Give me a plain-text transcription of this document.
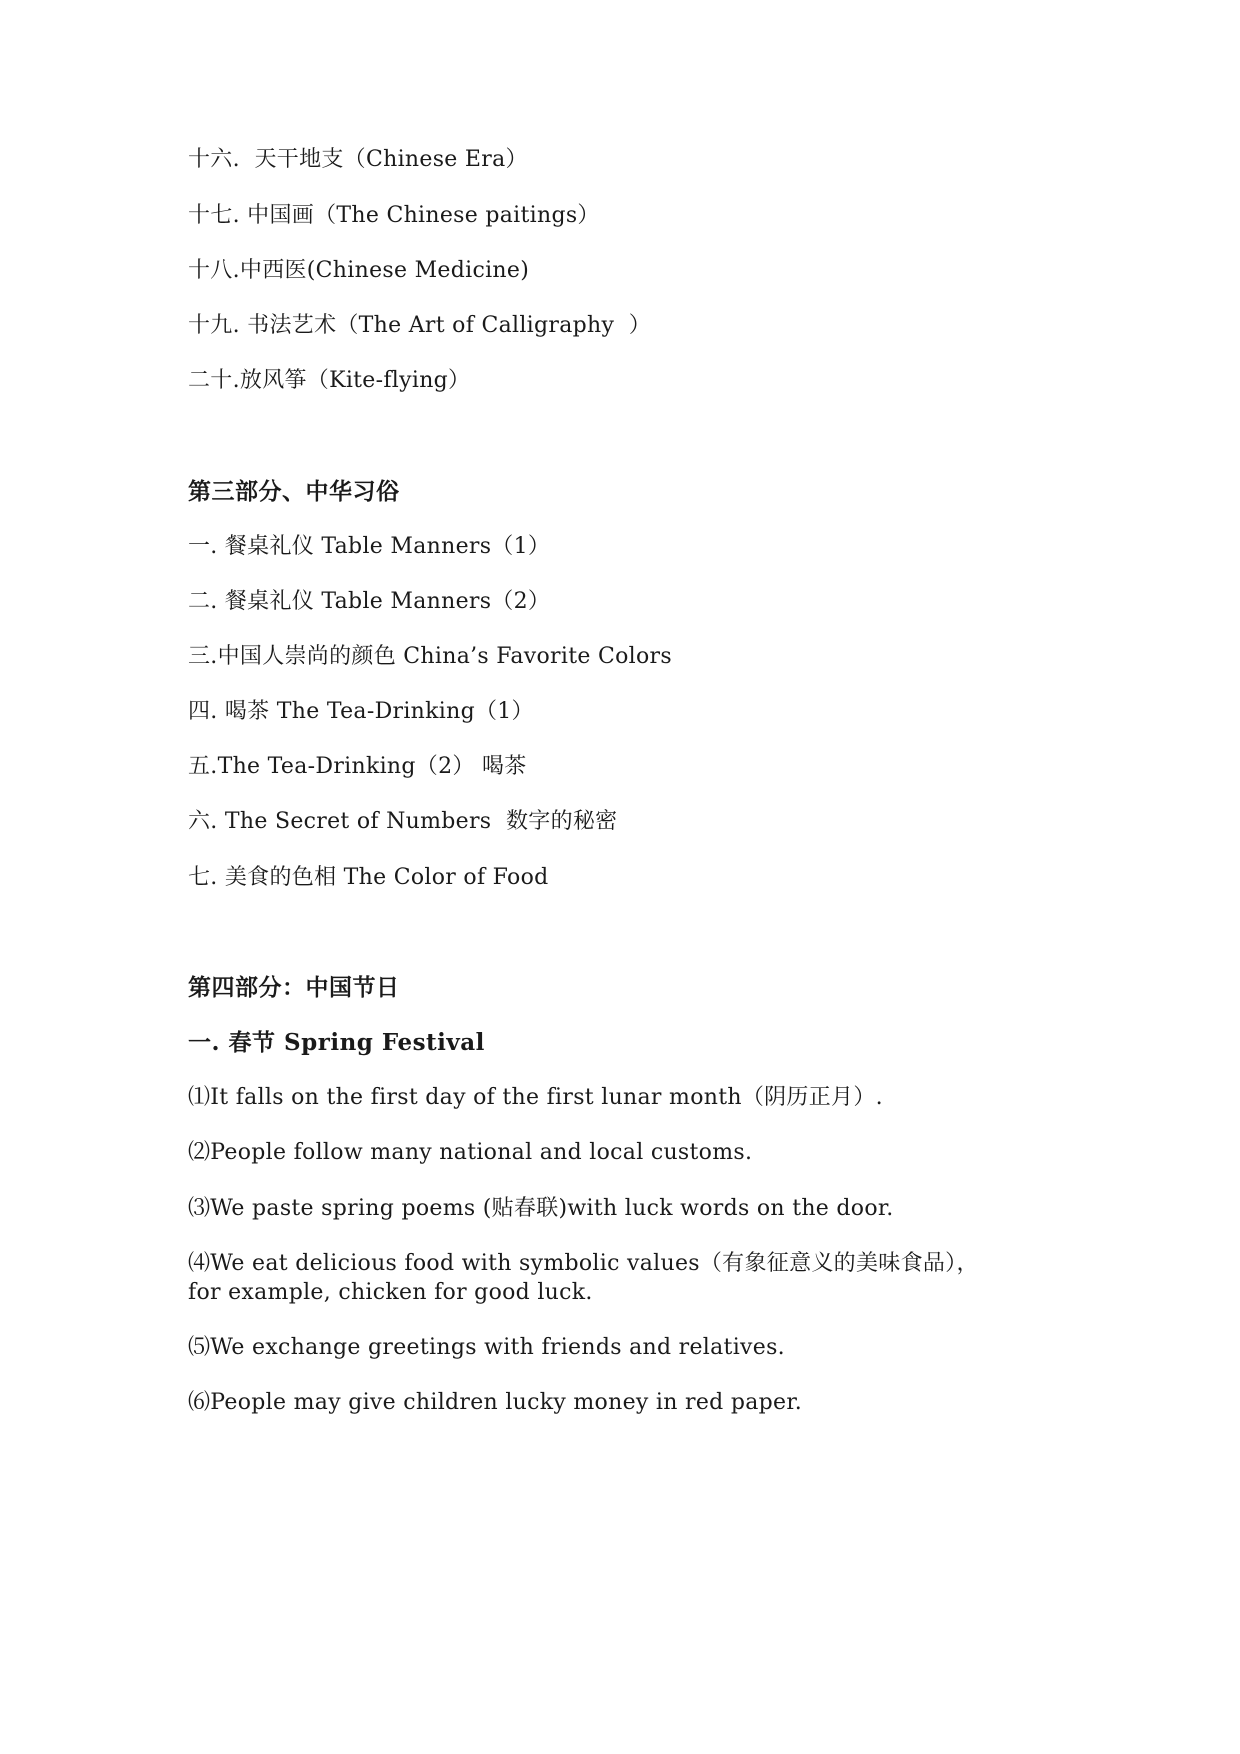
十六.  天干地支（Chinese Era）
十七. 中国画（The Chinese paitings）
十八.中西医(Chinese Medicine)
十九. 书法艺术（The Art of Calligraphy  ）
二十.放风筝（Kite-flying）
第三部分、中华习俗
一. 餐桌礼仪 Table Manners（1）
二. 餐桌礼仪 Table Manners（2）
三.中国人崇尚的颜色 China’s Favorite Colors
四. 喝茶 The Tea-Drinking（1）
五.The Tea-Drinking（2） 喝茶
六. The Secret of Numbers  数字的秘密
七. 美食的色相 The Color of Food
第四部分：中国节日
一. 春节 Spring Festival
⑴It falls on the first day of the first lunar month（阴历正月）.
⑵People follow many national and local customs.
⑶We paste spring poems (贴春联)with luck words on the door.
⑷We eat delicious food with symbolic values（有象征意义的美味食品），
for example, chicken for good luck.
⑸We exchange greetings with friends and relatives.
⑹People may give children lucky money in red paper.
